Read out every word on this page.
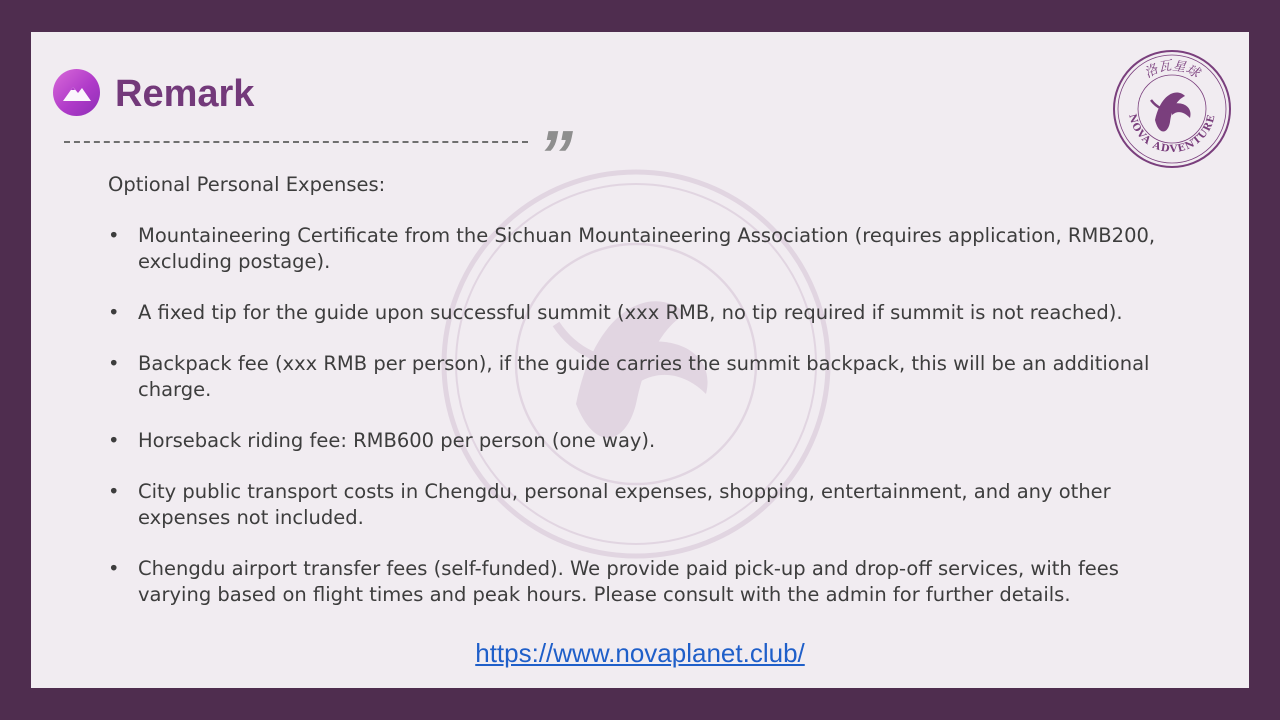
Remark
”
洛瓦星球
NOVA ADVENTURE

Optional Personal Expenses:

• Mountaineering Certificate from the Sichuan Mountaineering Association (requires application, RMB200, excluding postage).
• A fixed tip for the guide upon successful summit (xxx RMB, no tip required if summit is not reached).
• Backpack fee (xxx RMB per person), if the guide carries the summit backpack, this will be an additional charge.
• Horseback riding fee: RMB600 per person (one way).
• City public transport costs in Chengdu, personal expenses, shopping, entertainment, and any other expenses not included.
• Chengdu airport transfer fees (self-funded). We provide paid pick-up and drop-off services, with fees varying based on flight times and peak hours. Please consult with the admin for further details.
https://www.novaplanet.club/
